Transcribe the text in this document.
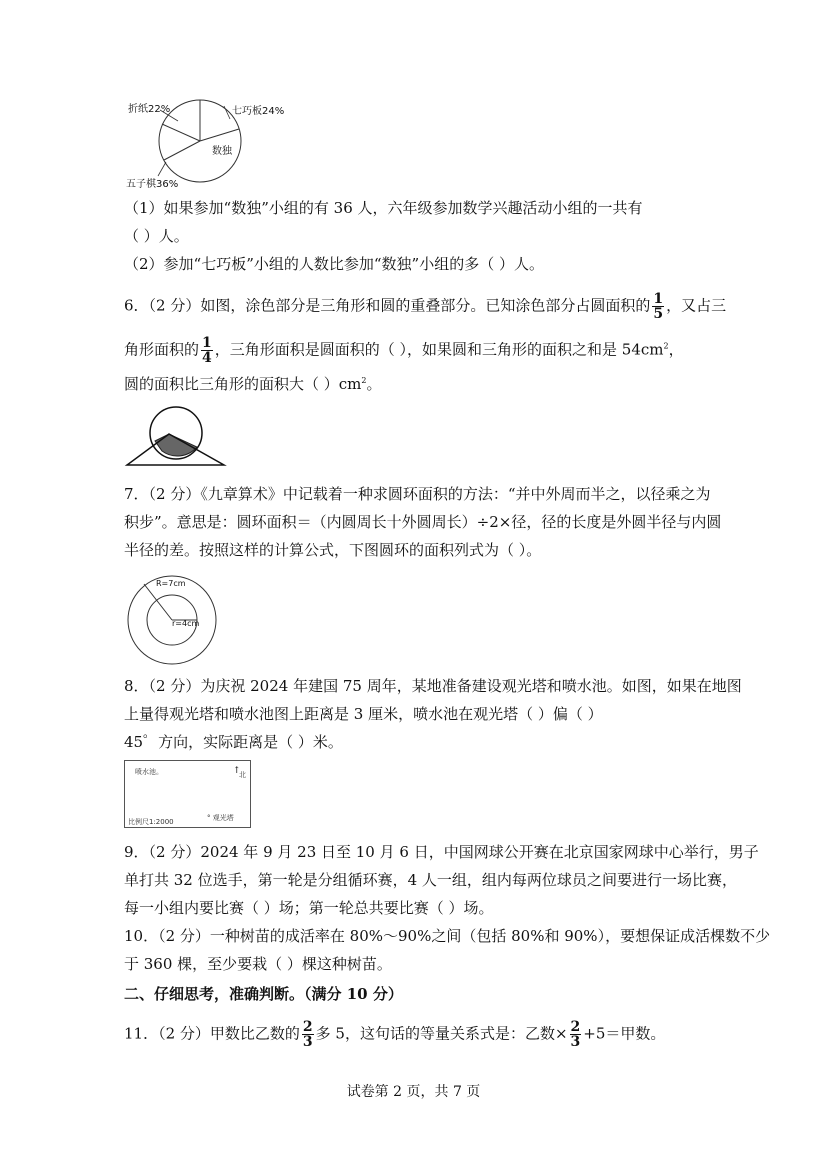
折纸22%	七巧板24%
数独
五子棋36%
（1）如果参加“数独”小组的有 36 人，六年级参加数学兴趣活动小组的一共有
（ ）人。
（2）参加“七巧板”小组的人数比参加“数独”小组的多（ ）人。
6．（2 分）如图，涂色部分是三角形和圆的重叠部分。已知涂色部分占圆面积的 $\frac{1}{5}$ ，又占三
角形面积的 $\frac{1}{4}$ ，三角形面积是圆面积的（ ），如果圆和三角形的面积之和是 $54cm^2$，
圆的面积比三角形的面积大（ ）$cm^2$。
7．（2 分）《九章算术》中记载着一种求圆环面积的方法：“并中外周而半之，以径乘之为
积步”。意思是：圆环面积＝（内圆周长十外圆周长）÷2×径，径的长度是外圆半径与内圆
半径的差。按照这样的计算公式，下图圆环的面积列式为（ ）。
R=7cm
r=4cm
8．（2 分）为庆祝 2024 年建国 75 周年，某地准备建设观光塔和喷水池。如图，如果在地图
上量得观光塔和喷水池图上距离是 3 厘米，喷水池在观光塔（ ）偏（ ）
45゜方向，实际距离是（ ）米。
喷水池。	↑
北
比例尺1:2000	° 观光塔
9．（2 分）2024 年 9 月 23 日至 10 月 6 日，中国网球公开赛在北京国家网球中心举行，男子
单打共 32 位选手，第一轮是分组循环赛，4 人一组，组内每两位球员之间要进行一场比赛，
每一小组内要比赛（ ）场；第一轮总共要比赛（ ）场。
10．（2 分）一种树苗的成活率在 80%～90%之间（包括 80%和 90%），要想保证成活棵数不少
于 360 棵，至少要栽（ ）棵这种树苗。
二、仔细思考，准确判断。（满分 10 分）
11．（2 分）甲数比乙数的 $\frac{2}{3}$ 多 5，这句话的等量关系式是：乙数× $\frac{2}{3} +5=$甲数。
试卷第 2 页，共 7 页
